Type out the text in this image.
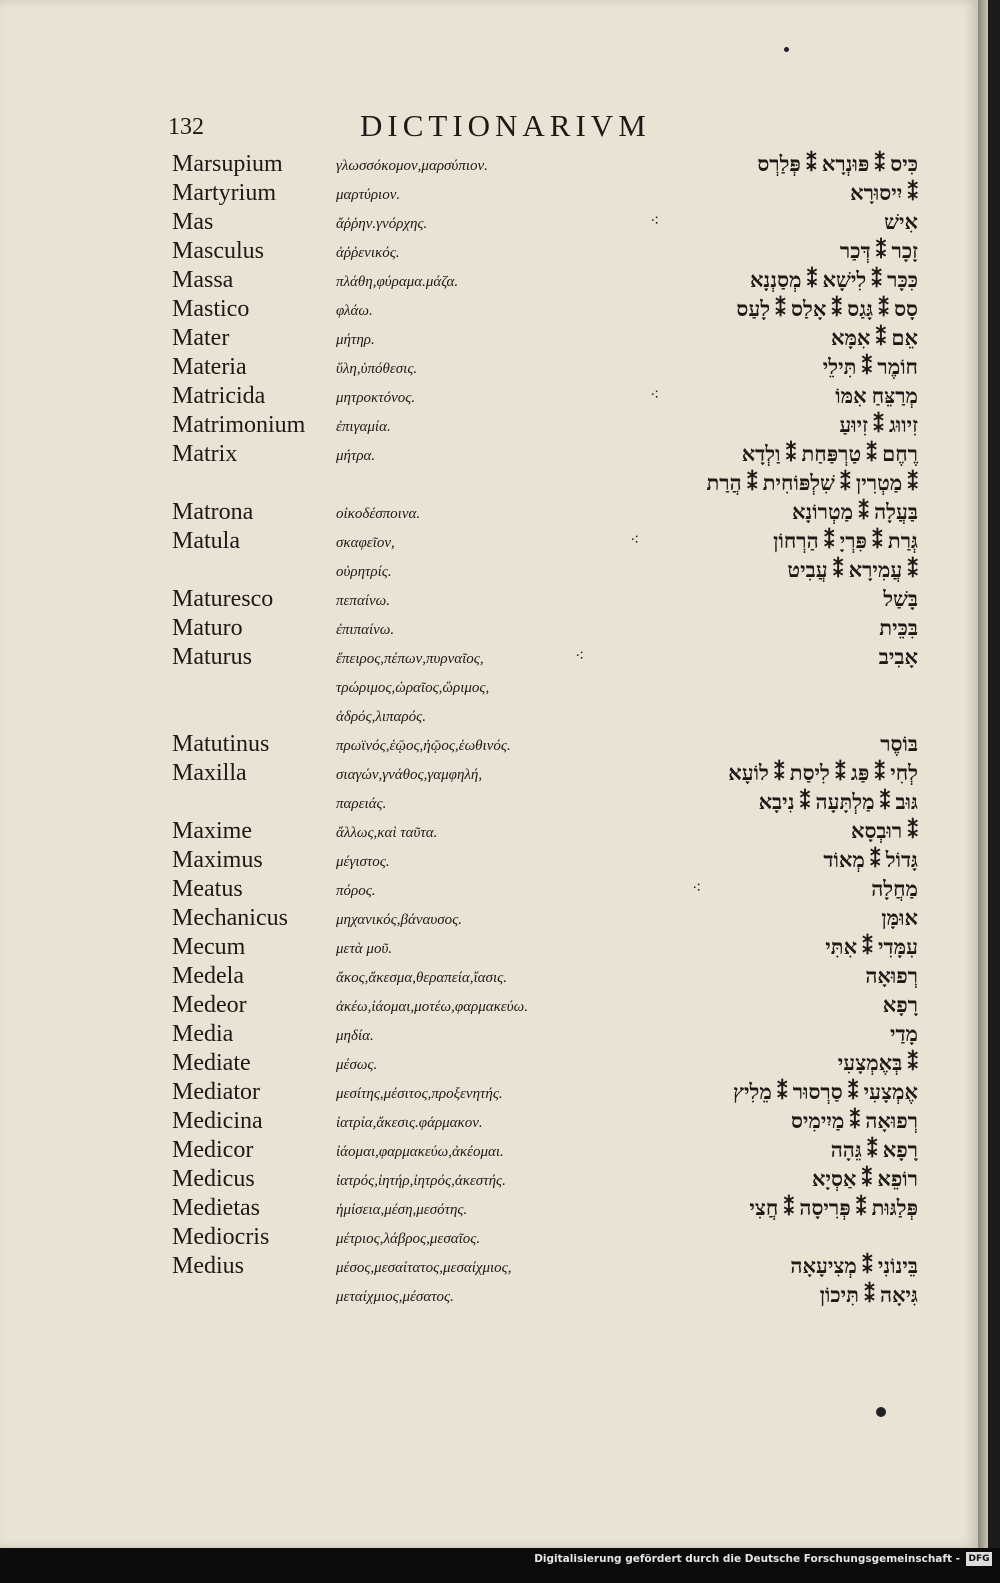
132	DICTIONARIVM
Marsupium	γλωσσόκομον,μαρσύπιον.	כִּיס ⁑ פּוּנְרָא ⁑ פְּלַרְס
Martyrium	μαρτύριον.	⁑ יִיסוּרָא
Mas	ἄῤῥην.γνόρχης.	אִישׁ
⁖
Masculus	ἀῤῥενικός.	זָכָר ⁑ דְּכַר
Massa	πλάθη,φύραμα.μάζα.	כִּכָּר ⁑ לִישָׁא ⁑ מְסַנְנָא
Mastico	φλάω.	סָס ⁑ גָּגַס ⁑ אָלַס ⁑ לָעַס
Mater	μήτηρ.	אֵם ⁑ אִמָּא
Materia	ὕλη,ὑπόθεσις.	חוֹמֶר ⁑ תִּילֵי
Matricida	μητροκτόνος.	מְרַצֵּחַ אִמּוֹ
⁖
Matrimonium ἐπιγαμία.	זִיווּג ⁑ זִיוּעַ
Matrix	μήτρα.	רֶחֶם ⁑ טַרְפַּחַת ⁑ וַלְדָא
⁑ מַטְרִין ⁑ שִׁלְפּוֹחִית ⁑ הֲרַת
Matrona	οἰκοδέσποινα.	בַּעֲלָה ⁑ מַטְרוֹנָא
Matula	σκαφεῖον,	גְּרַת ⁑ פִּרְיָ ⁑ הַרְחוֹן
⁖
οὐρητρίς.	⁑ עֲמִירָא ⁑ עֲבִיט
Maturesco	πεπαίνω.	בָּשַׁל
Maturo	ἐπιπαίνω.	בִּכֵּית
Maturus	ἔπειρος,πέπων,πυρναῖος,	אָבִיב
⁖
τρώριμος,ὡραῖος,ὥριμος,
ἁδρός,λιπαρός.
Matutinus	πρωϊνός,ἑῷος,ἠῷος,ἑωθινός.	בּוֹסֶר
Maxilla	σιαγών,γνάθος,γαμφηλή,	לְחִי ⁑ פַּג ⁑ לִיסַת ⁑ לוֹעָא
παρειάς.	גּוּב ⁑ מַלְתָּעָה ⁑ נִיבָא
Maxime	ἄλλως,καὶ ταῦτα.	⁑ רוּבְסָא
Maximus	μέγιστος.	גָּדוֹל ⁑ מְאוֹד
Meatus	πόρος.	מַחֲלָה
⁖
Mechanicus	μηχανικός,βάναυσος.	אוּמָּן
Mecum	μετὰ μοῦ.	עִמָּדִי ⁑ אִתִּי
Medela	ἄκος,ἄκεσμα,θεραπεία,ἴασις.	רְפוּאָה
Medeor	ἀκέω,ἰάομαι,μοτέω,φαρμακεύω.	רָפָא
Media	μηδία.	מָדַי
Mediate	μέσως.	⁑ בְּאֶמְצָעִי
Mediator	μεσίτης,μέσιτος,προξενητής.	אֶמְצָעִי ⁑ סַרְסוּר ⁑ מֵלִיץ
Medicina	ἰατρία,ἄκεσις.φάρμακον.	רְפוּאָה ⁑ מַיִימִיס
Medicor	ἰάομαι,φαρμακεύω,ἀκέομαι.	רָפָא ⁑ גֵּהָה
Medicus	ἰατρός,ἰητήρ,ἰητρός,ἀκεστής.	רוֹפֵא ⁑ אַסְיָא
Medietas	ἡμίσεια,μέση,μεσότης.	פְּלַגּוּת ⁑ פְּרִיסָה ⁑ חֲצִי
Mediocris	μέτριος,λάβρος,μεσαῖος.
Medius	μέσος,μεσαίτατος,μεσαίχμιος,	בֵּינוֹנִי ⁑ מְצִיעָאָה
μεταίχμιος,μέσατος.	גִּיאָה ⁑ תִּיכוֹן
Digitalisierung gefördert durch die Deutsche Forschungsgemeinschaft - DFG
